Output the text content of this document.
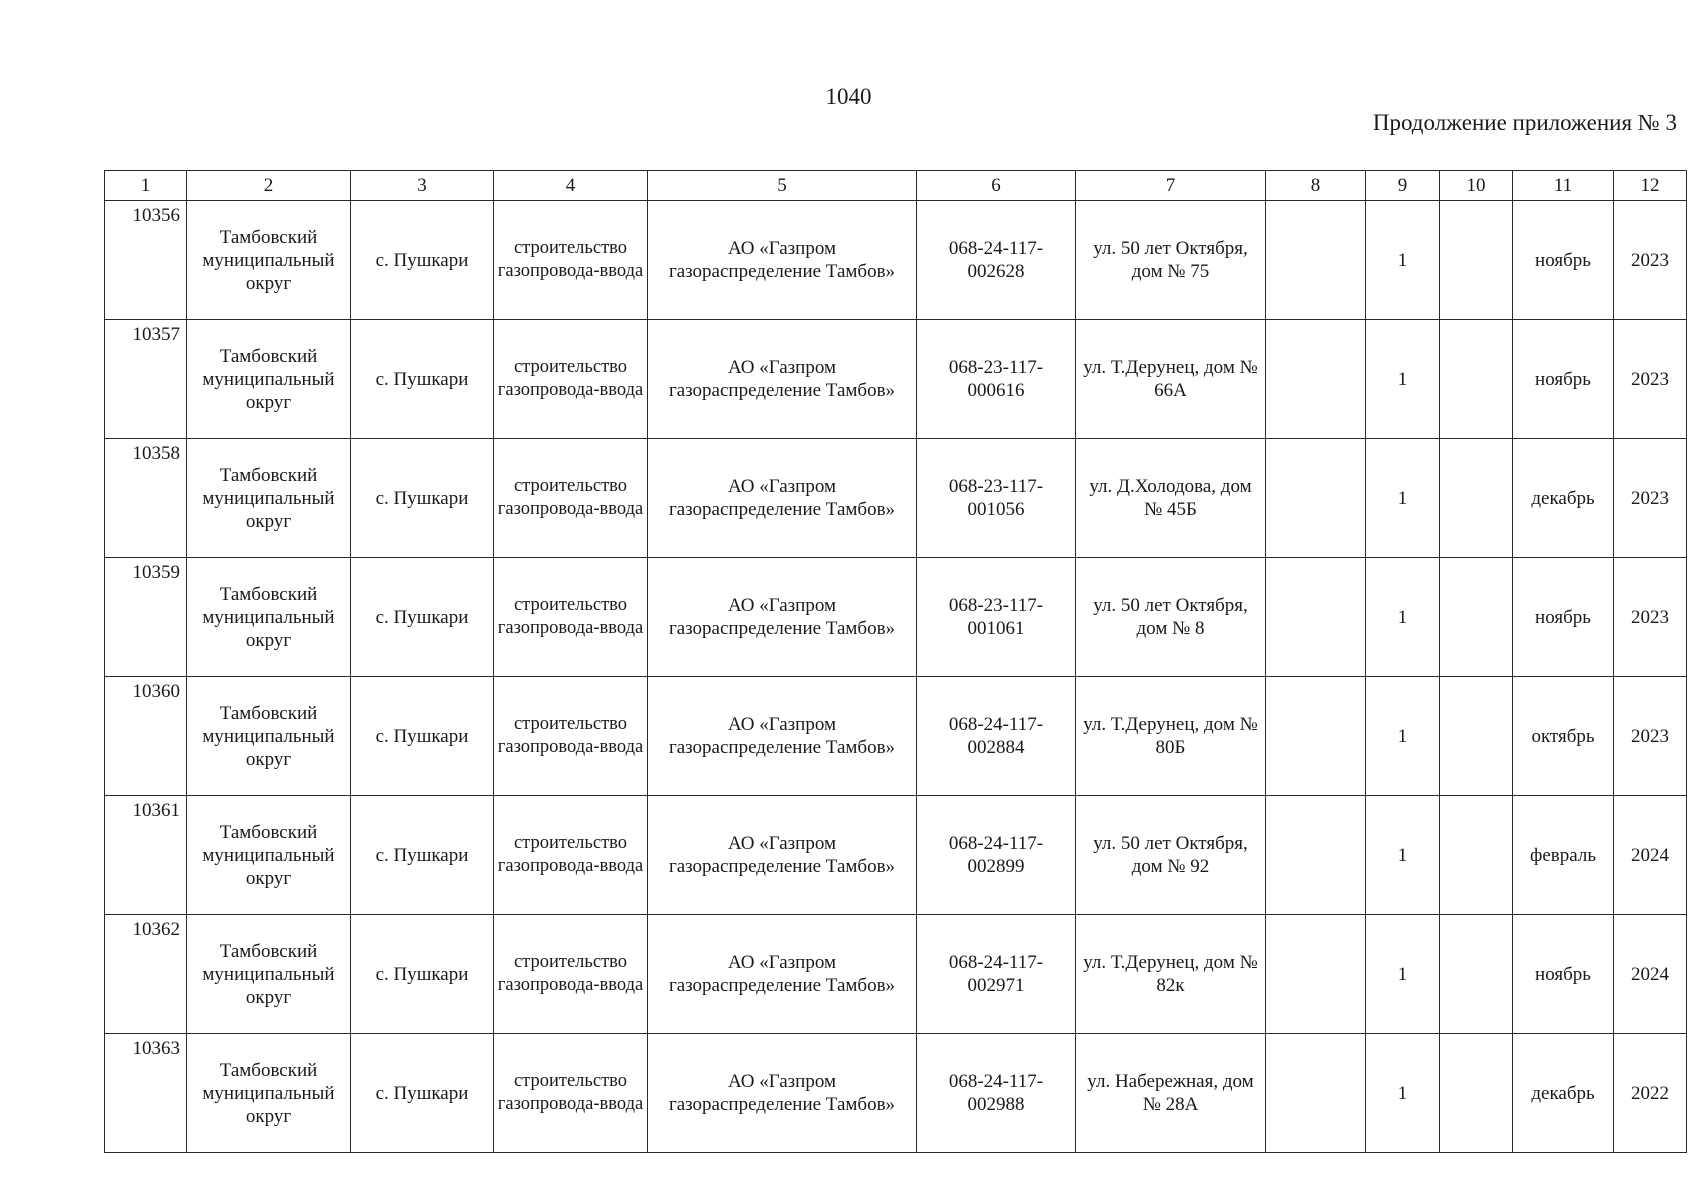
1040
Продолжение приложения № 3
1	2	3	4	5	6	7	8	9	10	11	12
10356	Тамбовский муниципальный округ	с. Пушкари	строительство газопровода-ввода	АО «Газпром газораспределение Тамбов»	068-24-117-002628	ул. 50 лет Октября, дом № 75		1		ноябрь	2023
10357	Тамбовский муниципальный округ	с. Пушкари	строительство газопровода-ввода	АО «Газпром газораспределение Тамбов»	068-23-117-000616	ул. Т.Дерунец, дом № 66А		1		ноябрь	2023
10358	Тамбовский муниципальный округ	с. Пушкари	строительство газопровода-ввода	АО «Газпром газораспределение Тамбов»	068-23-117-001056	ул. Д.Холодова, дом № 45Б		1		декабрь	2023
10359	Тамбовский муниципальный округ	с. Пушкари	строительство газопровода-ввода	АО «Газпром газораспределение Тамбов»	068-23-117-001061	ул. 50 лет Октября, дом № 8		1		ноябрь	2023
10360	Тамбовский муниципальный округ	с. Пушкари	строительство газопровода-ввода	АО «Газпром газораспределение Тамбов»	068-24-117-002884	ул. Т.Дерунец, дом № 80Б		1		октябрь	2023
10361	Тамбовский муниципальный округ	с. Пушкари	строительство газопровода-ввода	АО «Газпром газораспределение Тамбов»	068-24-117-002899	ул. 50 лет Октября, дом № 92		1		февраль	2024
10362	Тамбовский муниципальный округ	с. Пушкари	строительство газопровода-ввода	АО «Газпром газораспределение Тамбов»	068-24-117-002971	ул. Т.Дерунец, дом № 82к		1		ноябрь	2024
10363	Тамбовский муниципальный округ	с. Пушкари	строительство газопровода-ввода	АО «Газпром газораспределение Тамбов»	068-24-117-002988	ул. Набережная, дом № 28А		1		декабрь	2022
